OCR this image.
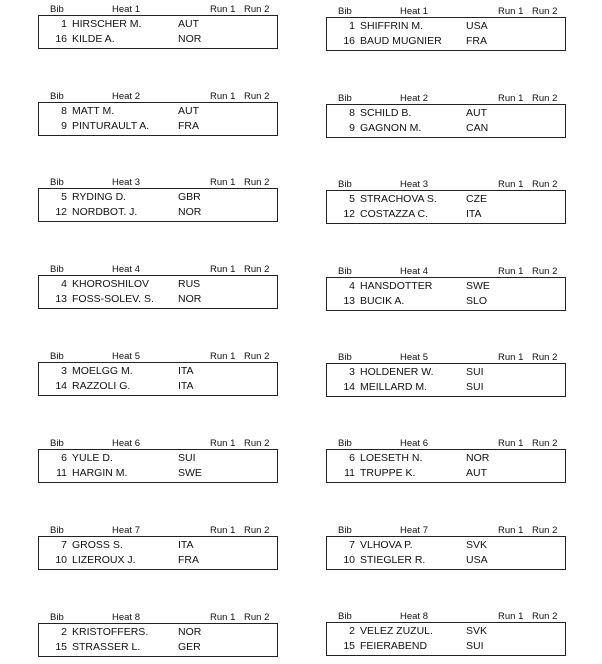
Bib	Heat 1	Run 1 Run 2
1 HIRSCHER M.	AUT
16 KILDE A.	NOR
Bib	Heat 2	Run 1 Run 2
8 MATT M.	AUT
9 PINTURAULT A.	FRA
Bib	Heat 3	Run 1 Run 2
5 RYDING D.	GBR
12 NORDBOT. J.	NOR
Bib	Heat 4	Run 1 Run 2
4 KHOROSHILOV	RUS
13 FOSS-SOLEV. S.	NOR
Bib	Heat 5	Run 1 Run 2
3 MOELGG M.	ITA
14 RAZZOLI G.	ITA
Bib	Heat 6	Run 1 Run 2
6 YULE D.	SUI
11 HARGIN M.	SWE
Bib	Heat 7	Run 1 Run 2
7 GROSS S.	ITA
10 LIZEROUX J.	FRA
Bib	Heat 8	Run 1 Run 2
2 KRISTOFFERS.	NOR
15 STRASSER L.	GER
Bib	Heat 1	Run 1 Run 2
1 SHIFFRIN M.	USA
16 BAUD MUGNIER	FRA
Bib	Heat 2	Run 1 Run 2
8 SCHILD B.	AUT
9 GAGNON M.	CAN
Bib	Heat 3	Run 1 Run 2
5 STRACHOVA S.	CZE
12 COSTAZZA C.	ITA
Bib	Heat 4	Run 1 Run 2
4 HANSDOTTER	SWE
13 BUCIK A.	SLO
Bib	Heat 5	Run 1 Run 2
3 HOLDENER W.	SUI
14 MEILLARD M.	SUI
Bib	Heat 6	Run 1 Run 2
6 LOESETH N.	NOR
11 TRUPPE K.	AUT
Bib	Heat 7	Run 1 Run 2
7 VLHOVA P.	SVK
10 STIEGLER R.	USA
Bib	Heat 8	Run 1 Run 2
2 VELEZ ZUZUL.	SVK
15 FEIERABEND	SUI
